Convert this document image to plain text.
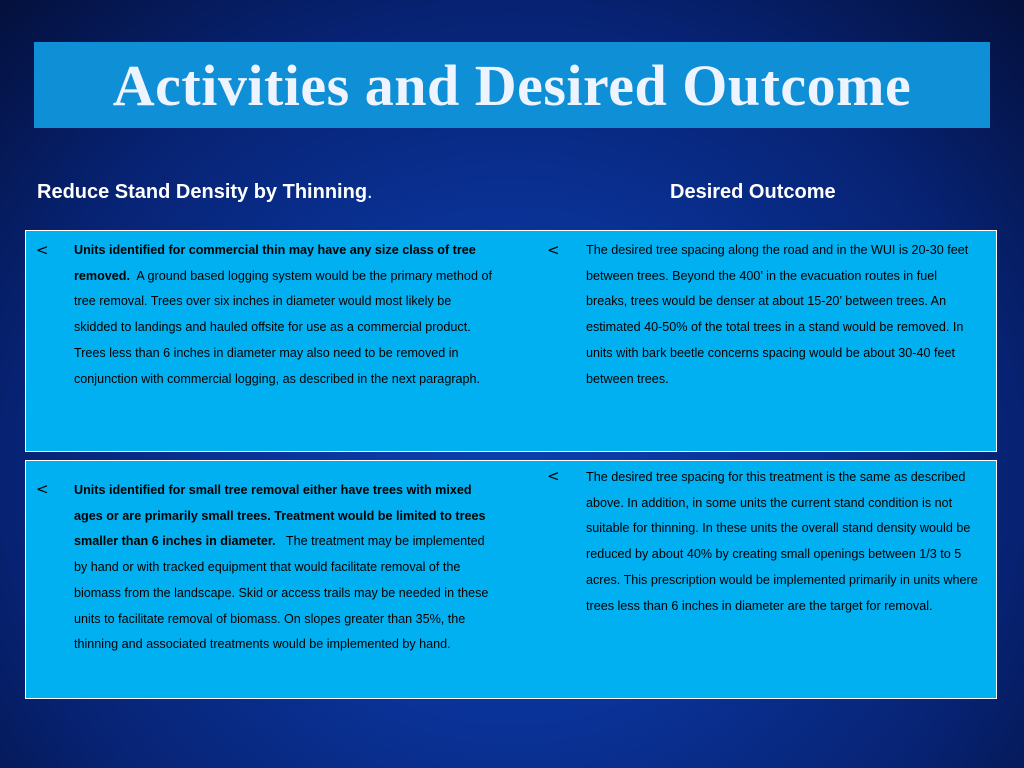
Activities and Desired Outcome
Reduce Stand Density by Thinning.	Desired Outcome
< Units identified for commercial thin may have any size class of tree removed. A ground based logging system would be the primary method of tree removal. Trees over six inches in diameter would most likely be skidded to landings and hauled offsite for use as a commercial product. Trees less than 6 inches in diameter may also need to be removed in conjunction with commercial logging, as described in the next paragraph.
< The desired tree spacing along the road and in the WUI is 20-30 feet between trees. Beyond the 400’ in the evacuation routes in fuel breaks, trees would be denser at about 15-20’ between trees. An estimated 40-50% of the total trees in a stand would be removed. In units with bark beetle concerns spacing would be about 30-40 feet between trees.
< Units identified for small tree removal either have trees with mixed ages or are primarily small trees. Treatment would be limited to trees smaller than 6 inches in diameter. The treatment may be implemented by hand or with tracked equipment that would facilitate removal of the biomass from the landscape. Skid or access trails may be needed in these units to facilitate removal of biomass. On slopes greater than 35%, the thinning and associated treatments would be implemented by hand.
< The desired tree spacing for this treatment is the same as described above. In addition, in some units the current stand condition is not suitable for thinning. In these units the overall stand density would be reduced by about 40% by creating small openings between 1/3 to 5 acres. This prescription would be implemented primarily in units where trees less than 6 inches in diameter are the target for removal.
